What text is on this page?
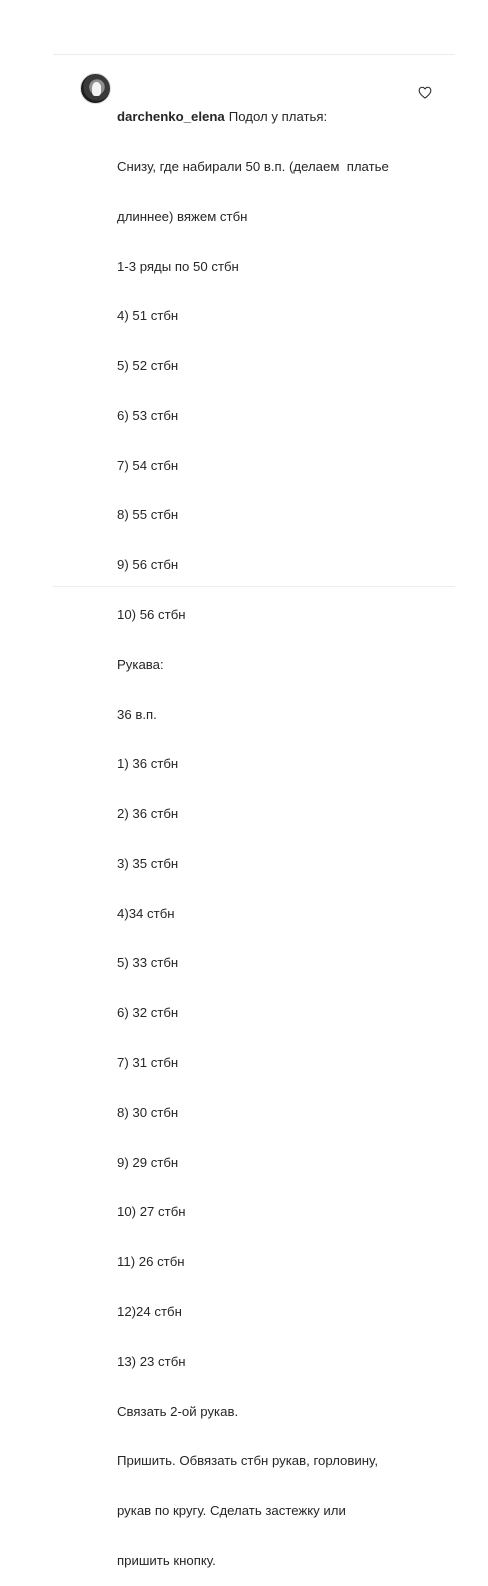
darchenko_elena Подол у платья:

Снизу, где набирали 50 в.п. (делаем  платье

длиннее) вяжем стбн

1-3 ряды по 50 стбн

4) 51 стбн

5) 52 стбн

6) 53 стбн

7) 54 стбн

8) 55 стбн

9) 56 стбн

10) 56 стбн

Рукава:

36 в.п.

1) 36 стбн

2) 36 стбн

3) 35 стбн

4)34 стбн

5) 33 стбн

6) 32 стбн

7) 31 стбн

8) 30 стбн

9) 29 стбн

10) 27 стбн

11) 26 стбн

12)24 стбн

13) 23 стбн

Связать 2-ой рукав.

Пришить. Обвязать стбн рукав, горловину,

рукав по кругу. Сделать застежку или

пришить кнопку.
